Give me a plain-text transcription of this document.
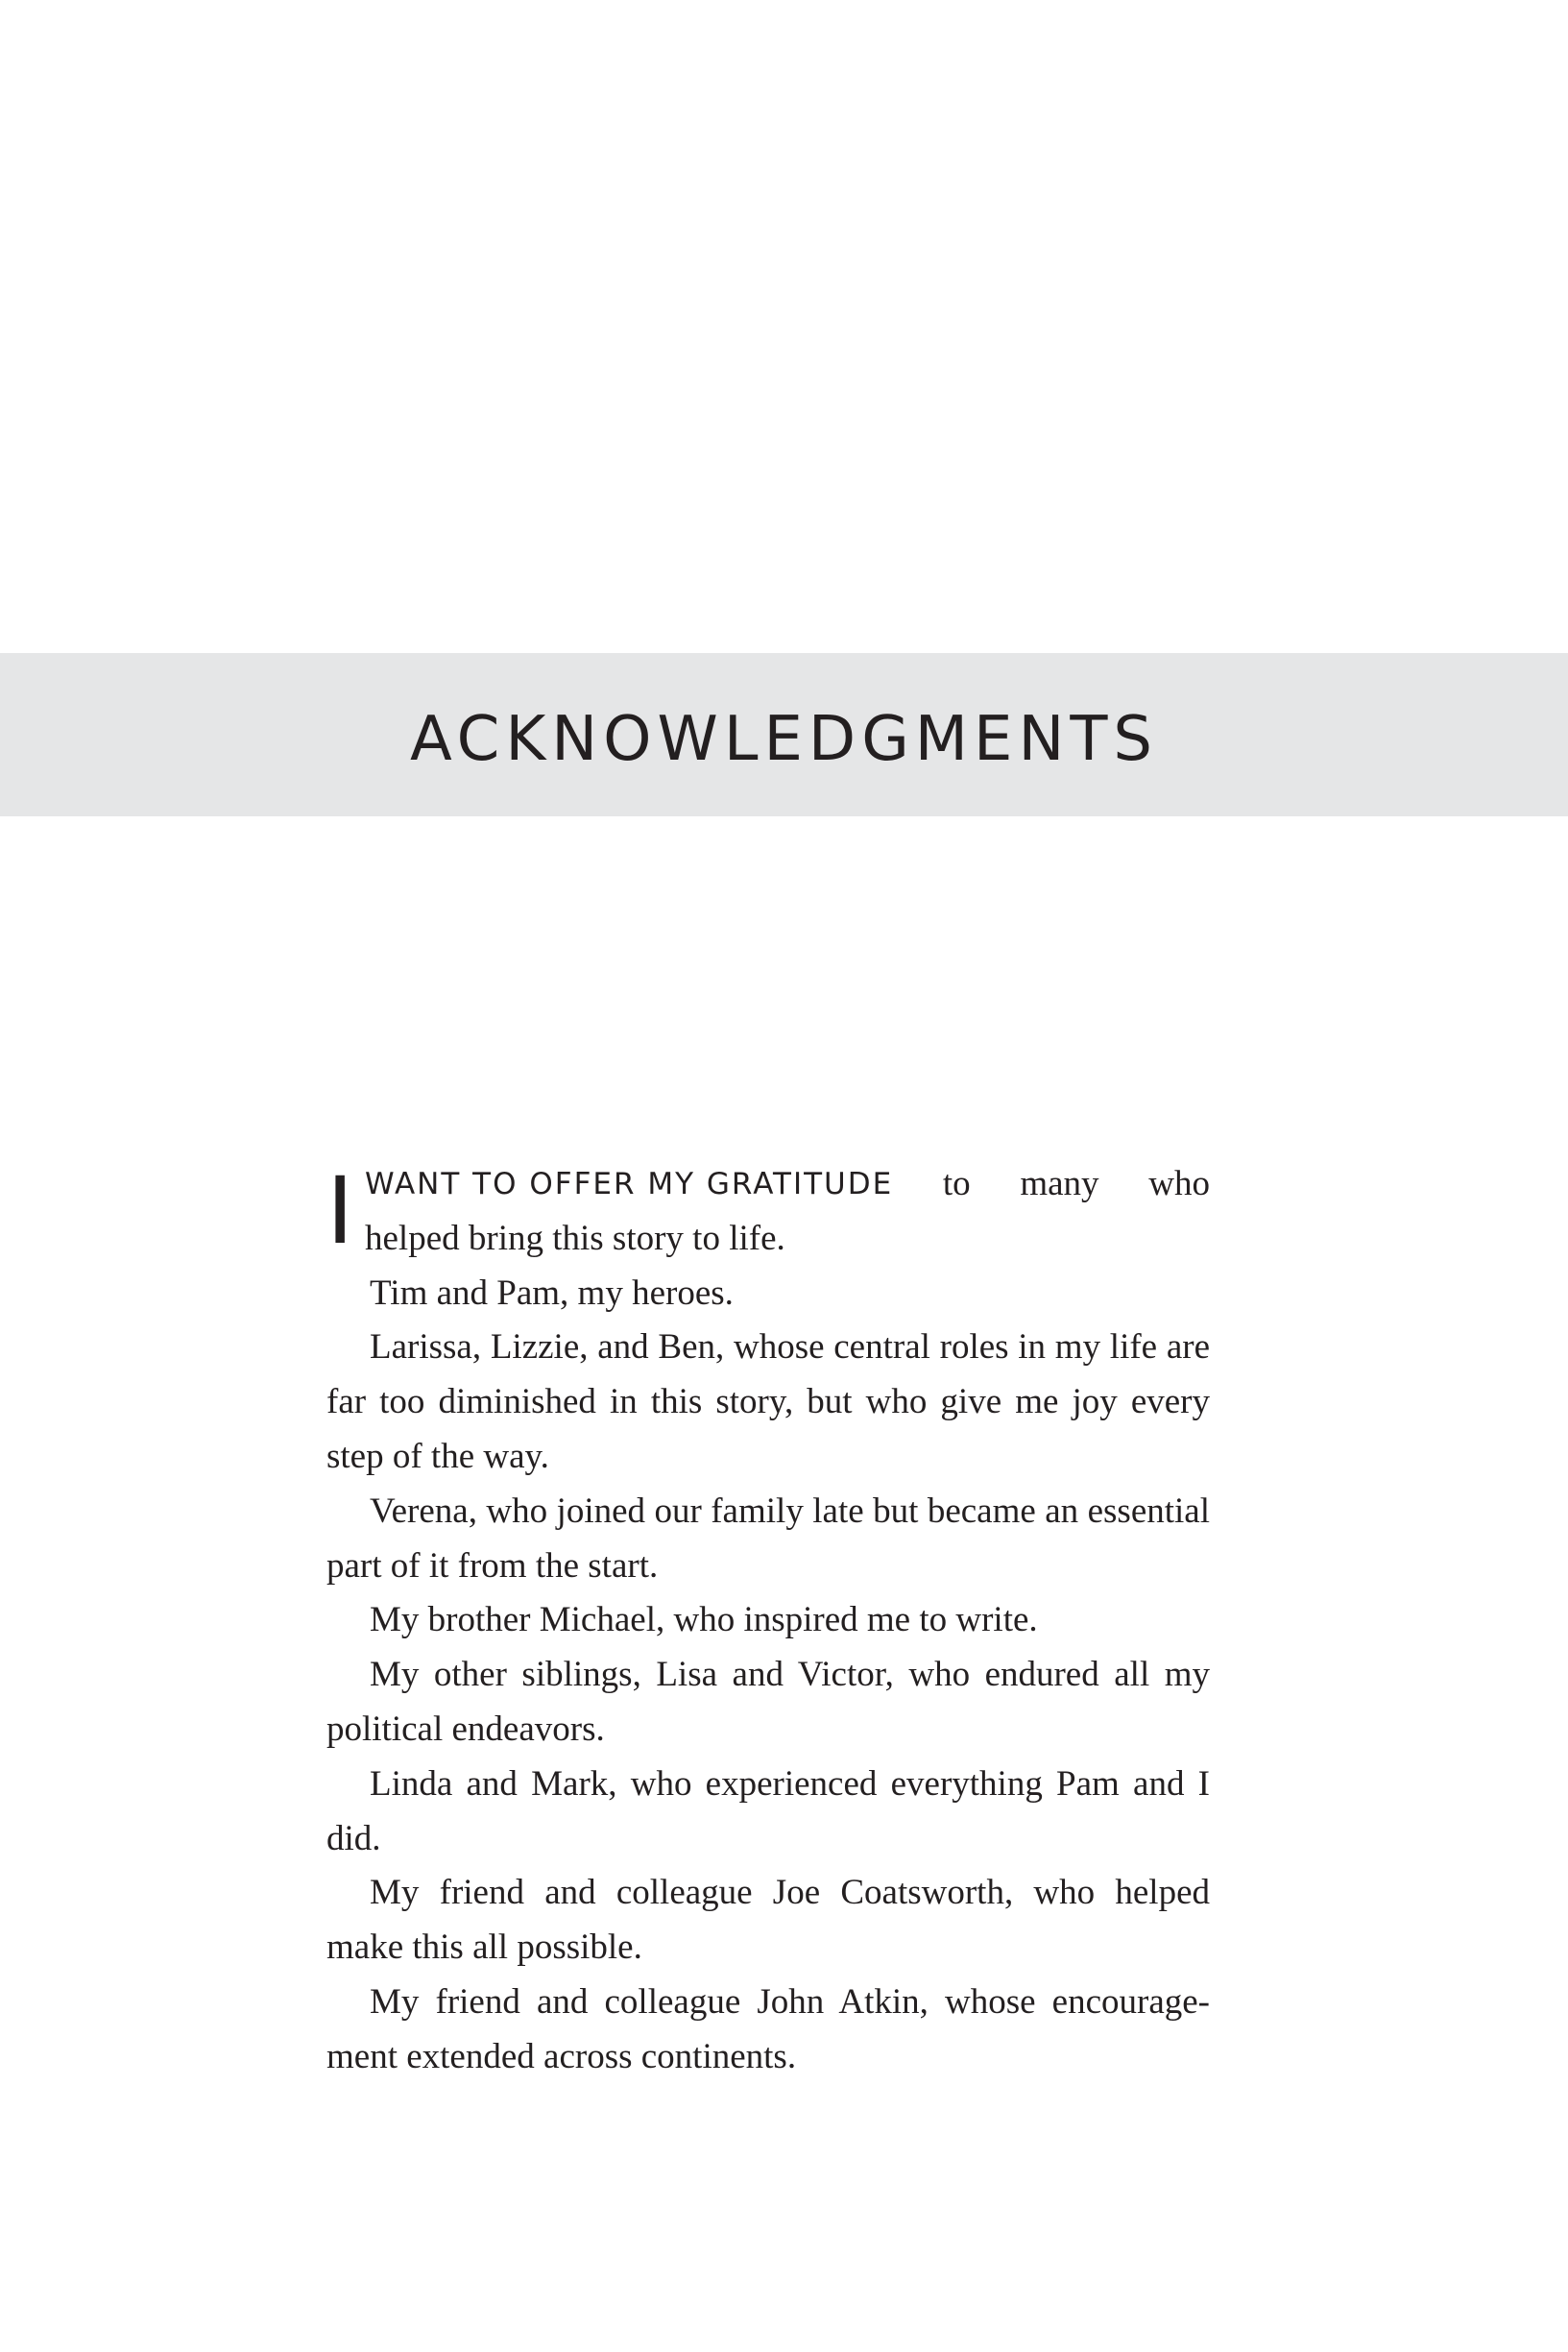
ACKNOWLEDGMENTS

I WANT TO OFFER MY GRATITUDE to many who
helped bring this story to life.

Tim and Pam, my heroes.

Larissa, Lizzie, and Ben, whose central roles in my life are far too diminished in this story, but who give me joy every step of the way.

Verena, who joined our family late but became an essential part of it from the start.

My brother Michael, who inspired me to write.

My other siblings, Lisa and Victor, who endured all my political endeavors.

Linda and Mark, who experienced everything Pam and I did.

My friend and colleague Joe Coatsworth, who helped make this all possible.

My friend and colleague John Atkin, whose encouragement extended across continents.
